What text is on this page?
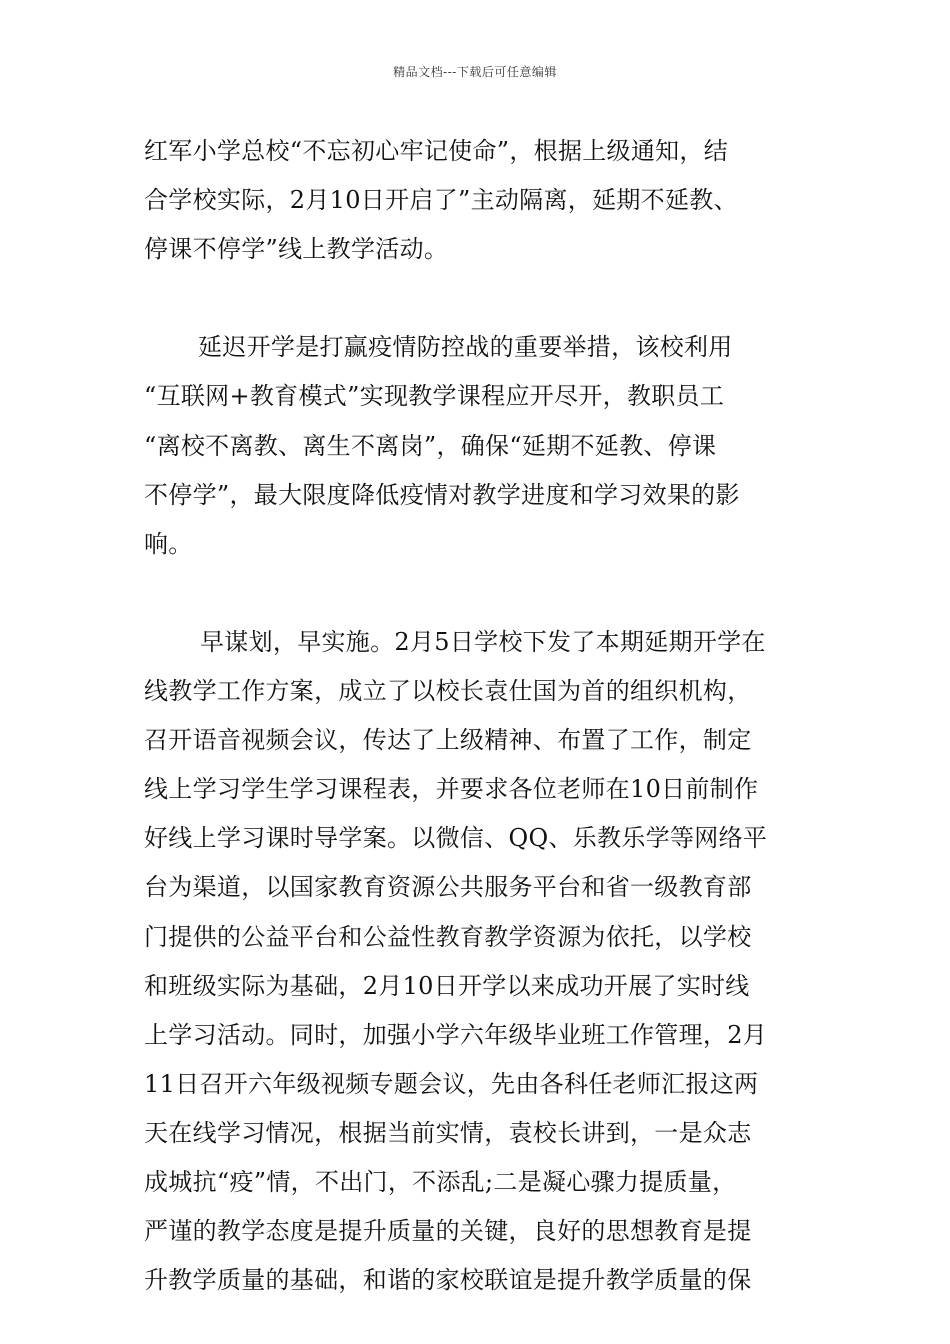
精品文档---下载后可任意编辑
红军小学总校“不忘初心牢记使命”，根据上级通知，结
合学校实际，2月10日开启了”主动隔离，延期不延教、
停课不停学”线上教学活动。
延迟开学是打赢疫情防控战的重要举措，该校利用
“互联网+教育模式”实现教学课程应开尽开，教职员工
“离校不离教、离生不离岗”，确保“延期不延教、停课
不停学”，最大限度降低疫情对教学进度和学习效果的影
响。
早谋划，早实施。2月5日学校下发了本期延期开学在
线教学工作方案，成立了以校长袁仕国为首的组织机构，
召开语音视频会议，传达了上级精神、布置了工作，制定
线上学习学生学习课程表，并要求各位老师在10日前制作
好线上学习课时导学案。以微信、QQ、乐教乐学等网络平
台为渠道，以国家教育资源公共服务平台和省一级教育部
门提供的公益平台和公益性教育教学资源为依托，以学校
和班级实际为基础，2月10日开学以来成功开展了实时线
上学习活动。同时，加强小学六年级毕业班工作管理，2月
11日召开六年级视频专题会议，先由各科任老师汇报这两
天在线学习情况，根据当前实情，袁校长讲到，一是众志
成城抗“疫”情，不出门，不添乱;二是凝心骤力提质量，
严谨的教学态度是提升质量的关键，良好的思想教育是提
升教学质量的基础，和谐的家校联谊是提升教学质量的保
